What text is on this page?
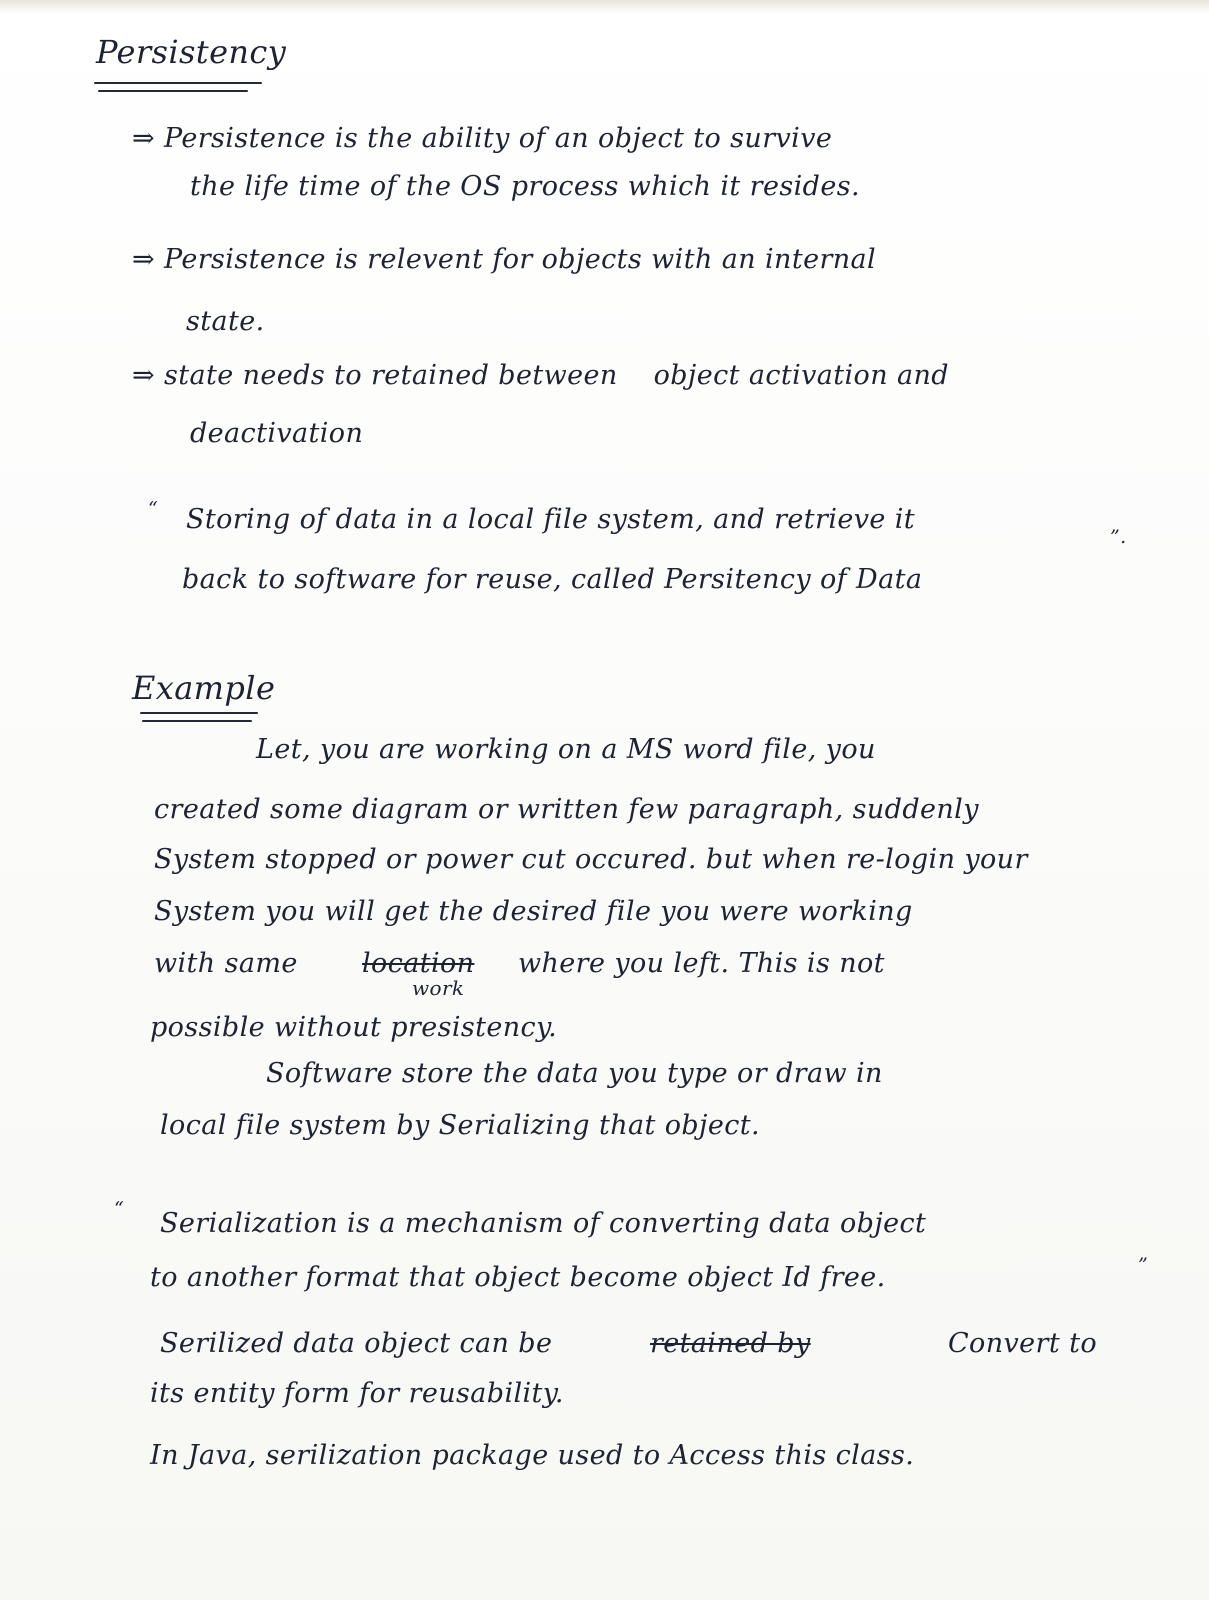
Persistency
⇒ Persistence is the ability of an object to survive
the life time of the OS process which it resides.
⇒ Persistence is relevent for objects with an internal
state.
⇒ state needs to retained between    object activation and
deactivation
“ Storing of data in a local file system, and retrieve it
back to software for reuse, called Persitency of Data
”.
Example
Let, you are working on a MS word file, you
created some diagram or written few paragraph, suddenly
System stopped or power cut occured. but when re-login your
System you will get the desired file you were working
with same location where you left. This is not
work
possible without presistency.
Software store the data you type or draw in
local file system by Serializing that object.
“ Serialization is a mechanism of converting data object
to another format that object become object Id free.	”
Serilized data object can be	retained by	Convert to
its entity form for reusability.
In Java, serilization package used to Access this class.
